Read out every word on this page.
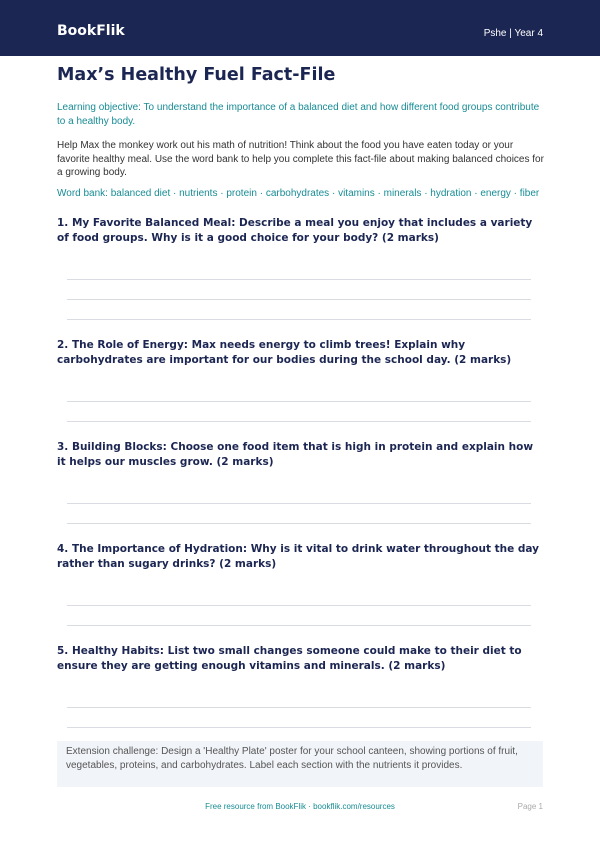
BookFlik	Pshe | Year 4
Max’s Healthy Fuel Fact-File
Learning objective: To understand the importance of a balanced diet and how different food groups contribute to a healthy body.
Help Max the monkey work out his math of nutrition! Think about the food you have eaten today or your favorite healthy meal. Use the word bank to help you complete this fact-file about making balanced choices for a growing body.
Word bank: balanced diet · nutrients · protein · carbohydrates · vitamins · minerals · hydration · energy · fiber
1. My Favorite Balanced Meal: Describe a meal you enjoy that includes a variety of food groups. Why is it a good choice for your body? (2 marks)
2. The Role of Energy: Max needs energy to climb trees! Explain why carbohydrates are important for our bodies during the school day. (2 marks)
3. Building Blocks: Choose one food item that is high in protein and explain how it helps our muscles grow. (2 marks)
4. The Importance of Hydration: Why is it vital to drink water throughout the day rather than sugary drinks? (2 marks)
5. Healthy Habits: List two small changes someone could make to their diet to ensure they are getting enough vitamins and minerals. (2 marks)
Extension challenge: Design a 'Healthy Plate' poster for your school canteen, showing portions of fruit, vegetables, proteins, and carbohydrates. Label each section with the nutrients it provides.
Free resource from BookFlik · bookflik.com/resources	Page 1
